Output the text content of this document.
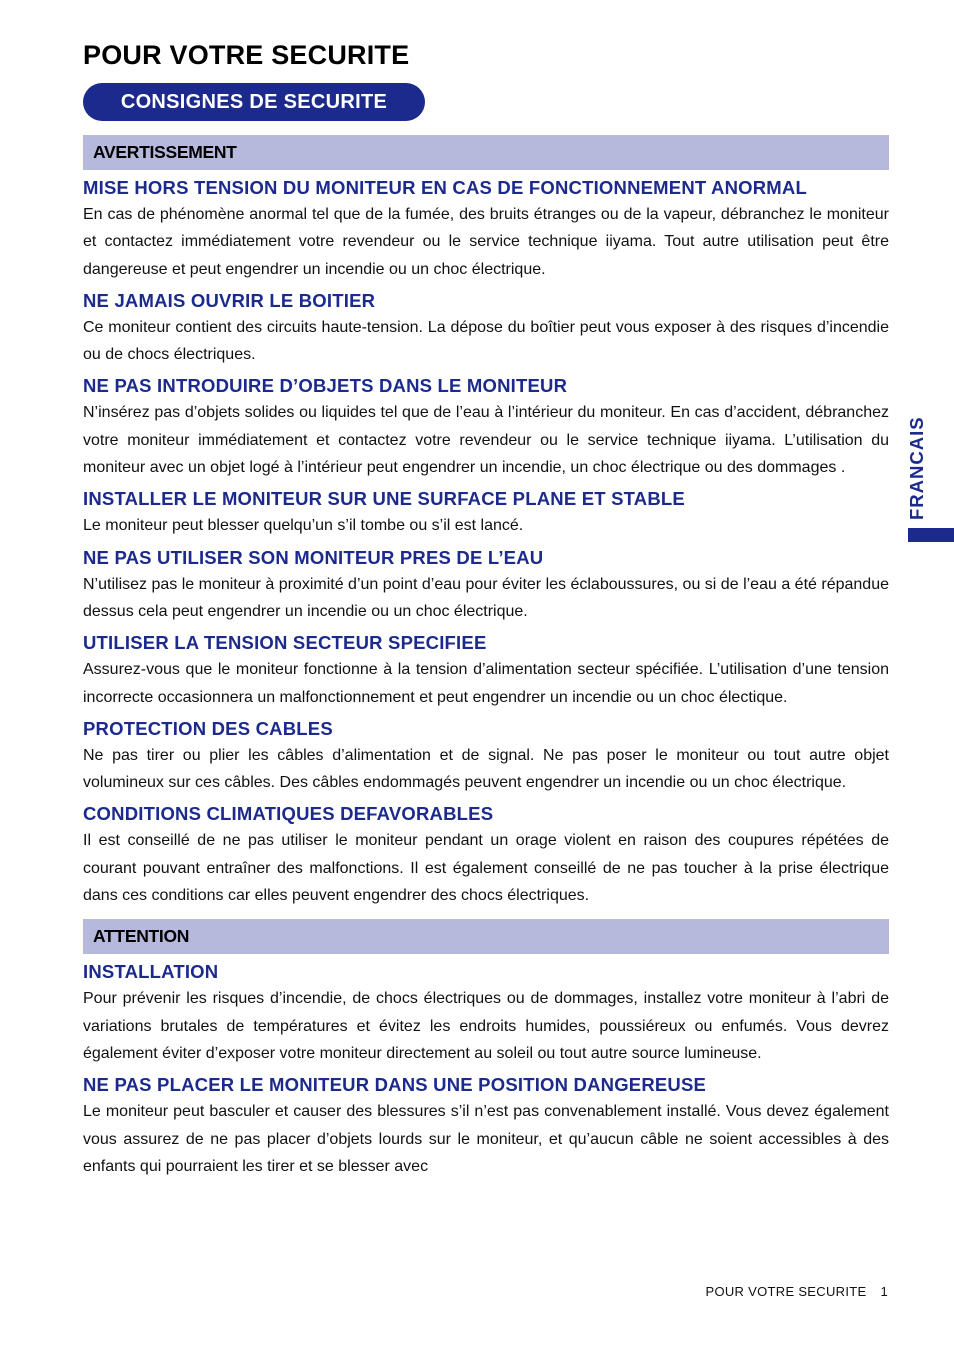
POUR VOTRE SECURITE
CONSIGNES DE SECURITE
FRANCAIS
AVERTISSEMENT
MISE HORS TENSION DU MONITEUR EN CAS DE FONCTIONNEMENT ANORMAL

En cas de phénomène anormal tel que de la fumée, des bruits étranges ou de la vapeur, débranchez le moniteur et contactez immédiatement votre revendeur ou le service technique iiyama. Tout autre utilisation peut être dangereuse et peut engendrer un incendie ou un choc électrique.

NE JAMAIS OUVRIR LE BOITIER

Ce moniteur contient des circuits haute-tension. La dépose du boîtier peut vous exposer à des risques d’incendie ou de chocs électriques.

NE PAS INTRODUIRE D’OBJETS DANS LE MONITEUR

N’insérez pas d’objets solides ou liquides tel que de l’eau à l’intérieur du moniteur. En cas d’accident, débranchez votre moniteur immédiatement et contactez votre revendeur ou le service technique iiyama. L’utilisation du moniteur avec un objet logé à l’intérieur peut engendrer un incendie, un choc électrique ou des dommages .

INSTALLER LE MONITEUR SUR UNE SURFACE PLANE ET STABLE

Le moniteur peut blesser quelqu’un s’il tombe ou s’il est lancé.

NE PAS UTILISER SON MONITEUR PRES DE L’EAU

N’utilisez pas le moniteur à proximité d’un point d’eau pour éviter les éclaboussures, ou si de l’eau a été répandue dessus cela peut engendrer un incendie ou un choc électrique.

UTILISER LA TENSION SECTEUR SPECIFIEE

Assurez-vous que le moniteur fonctionne à la tension d’alimentation secteur spécifiée. L’utilisation d’une tension incorrecte occasionnera un malfonctionnement et peut engendrer un incendie ou un choc électique.

PROTECTION DES CABLES

Ne pas tirer ou plier les câbles d’alimentation et de signal. Ne pas poser le moniteur ou tout autre objet volumineux sur ces câbles. Des câbles endommagés peuvent engendrer un incendie ou un choc électrique.

CONDITIONS CLIMATIQUES DEFAVORABLES

Il est conseillé de ne pas utiliser le moniteur pendant un orage violent en raison des coupures répétées de courant pouvant entraîner des malfonctions. Il est également conseillé de ne pas toucher à la prise électrique dans ces conditions car elles peuvent engendrer des chocs électriques.

ATTENTION
INSTALLATION

Pour prévenir les risques d’incendie, de chocs électriques ou de dommages, installez votre moniteur à l’abri de variations brutales de températures et évitez les endroits humides, poussiéreux ou enfumés. Vous devrez également éviter d’exposer votre moniteur directement au soleil ou tout autre source lumineuse.

NE PAS PLACER LE MONITEUR DANS UNE POSITION DANGEREUSE

Le moniteur peut basculer et causer des blessures s’il n’est pas convenablement installé. Vous devez également vous assurez de ne pas placer d’objets lourds sur le moniteur, et qu’aucun câble ne soient accessibles à des enfants qui pourraient les tirer et se blesser avec

POUR VOTRE SECURITE 1
